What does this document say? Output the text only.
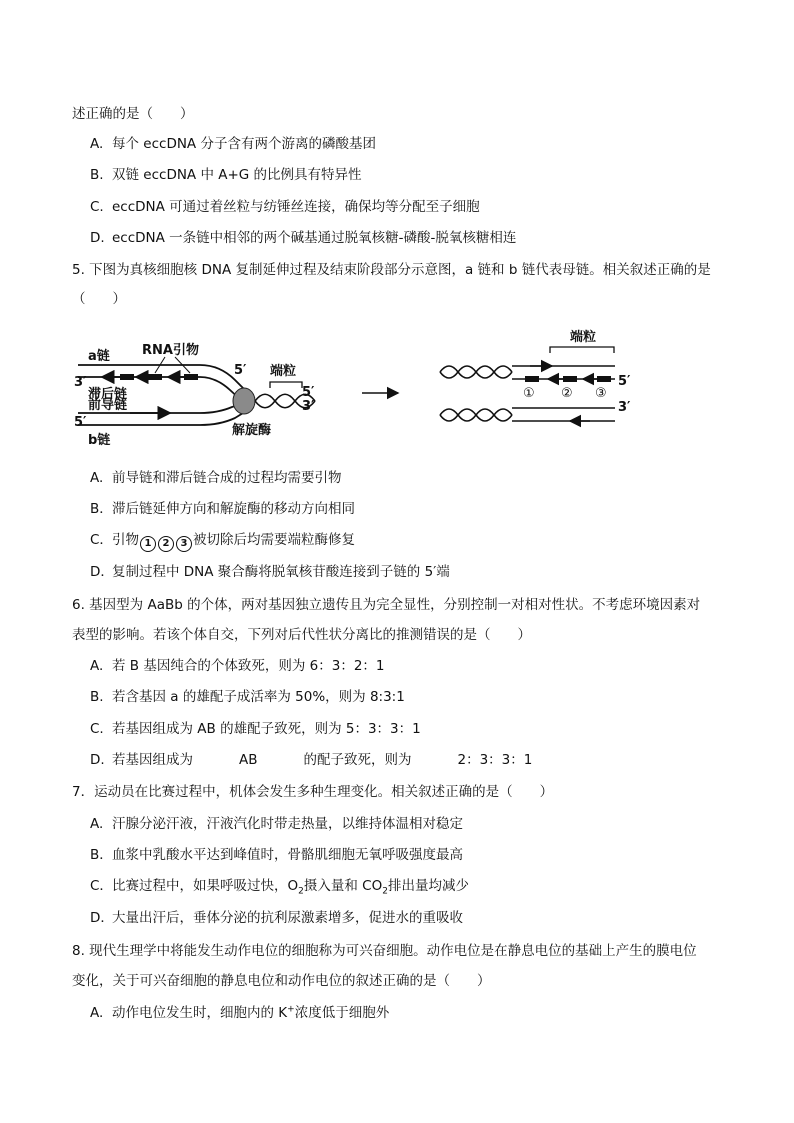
述正确的是（　　）
A. 每个 eccDNA 分子含有两个游离的磷酸基团
B. 双链 eccDNA 中 A+G 的比例具有特异性
C. eccDNA 可通过着丝粒与纺锤丝连接，确保均等分配至子细胞
D. eccDNA 一条链中相邻的两个碱基通过脱氧核糖-磷酸-脱氧核糖相连
5. 下图为真核细胞核 DNA 复制延伸过程及结束阶段部分示意图，a 链和 b 链代表母链。相关叙述正确的是
（　　）
a链 RNA引物
3′
滞后链
前导链
5′
b链
5′ 端粒
5′
3′
解旋酶
端粒
5′
① ② ③
3′
A. 前导链和滞后链合成的过程均需要引物
B．滞后链延伸方向和解旋酶的移动方向相同
C．引物 1 2 3 被切除后均需要端粒酶修复
D．复制过程中 DNA 聚合酶将脱氧核苷酸连接到子链的 5′端
6. 基因型为 AaBb 的个体，两对基因独立遗传且为完全显性，分别控制一对相对性状。不考虑环境因素对
表型的影响。若该个体自交，下列对后代性状分离比的推测错误的是（　　）
A. 若 B 基因纯合的个体致死，则为 6：3：2：1
B. 若含基因 a 的雄配子成活率为 50%，则为 8:3:1
C. 若基因组成为 AB 的雄配子致死，则为 5：3：3：1
D. 若基因组成为	AB	的配子致死，则为	2：3：3：1
7．运动员在比赛过程中，机体会发生多种生理变化。相关叙述正确的是（　　）
A. 汗腺分泌汗液，汗液汽化时带走热量，以维持体温相对稳定
B．血浆中乳酸水平达到峰值时，骨骼肌细胞无氧呼吸强度最高
C．比赛过程中，如果呼吸过快，$O_2$摄入量和 $CO_2$排出量均减少
D．大量出汗后，垂体分泌的抗利尿激素增多，促进水的重吸收
8. 现代生理学中将能发生动作电位的细胞称为可兴奋细胞。动作电位是在静息电位的基础上产生的膜电位
变化，关于可兴奋细胞的静息电位和动作电位的叙述正确的是（　　）
A. 动作电位发生时，细胞内的 K+浓度低于细胞外
